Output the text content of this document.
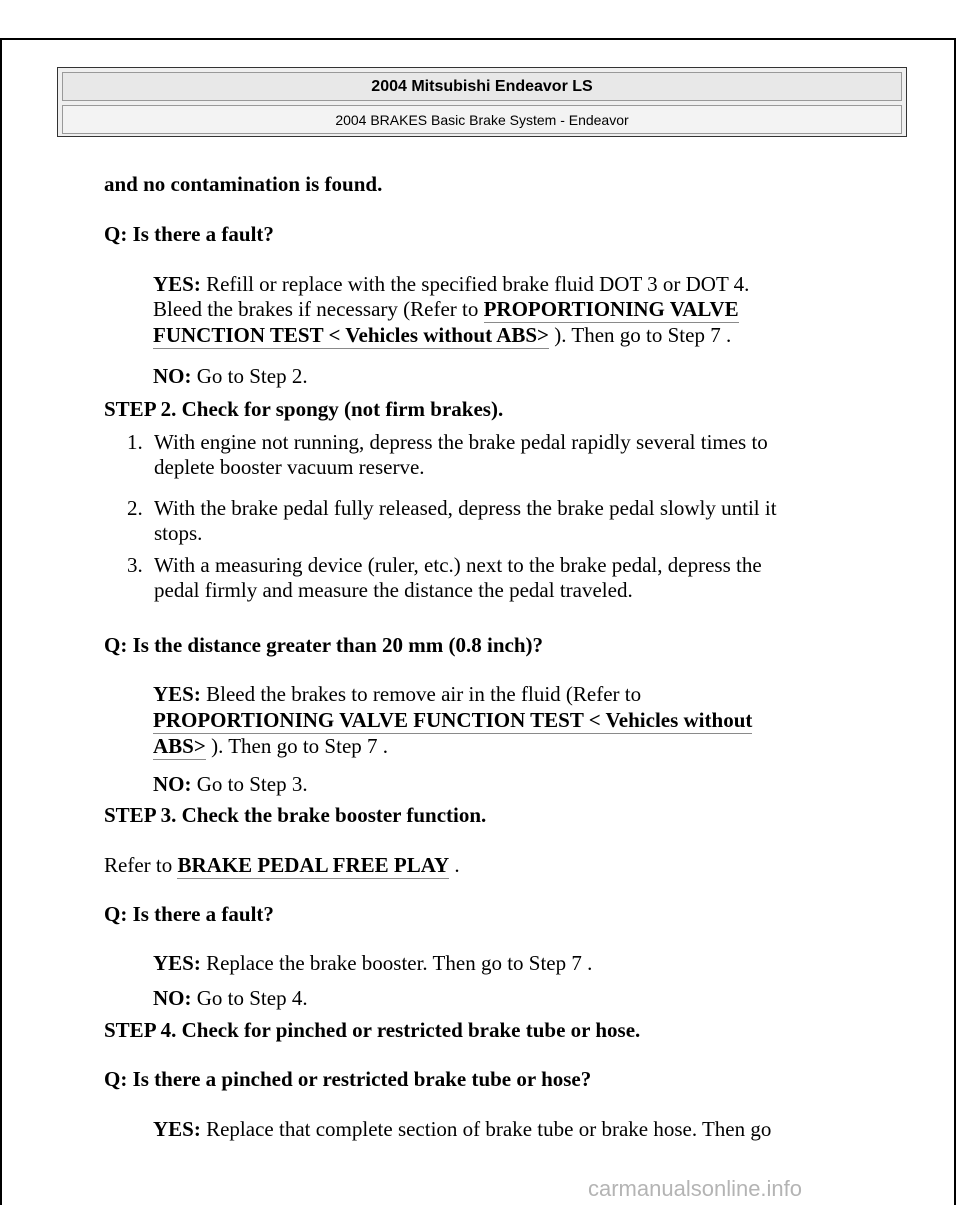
2004 Mitsubishi Endeavor LS
2004 BRAKES Basic Brake System - Endeavor
and no contamination is found.
Q: Is there a fault?
YES: Refill or replace with the specified brake fluid DOT 3 or DOT 4.
Bleed the brakes if necessary (Refer to PROPORTIONING VALVE
FUNCTION TEST < Vehicles without ABS> ). Then go to Step 7 .
NO: Go to Step 2.
STEP 2. Check for spongy (not firm brakes).
1. With engine not running, depress the brake pedal rapidly several times to
deplete booster vacuum reserve.
2. With the brake pedal fully released, depress the brake pedal slowly until it
stops.
3. With a measuring device (ruler, etc.) next to the brake pedal, depress the
pedal firmly and measure the distance the pedal traveled.
Q: Is the distance greater than 20 mm (0.8 inch)?
YES: Bleed the brakes to remove air in the fluid (Refer to
PROPORTIONING VALVE FUNCTION TEST < Vehicles without
ABS> ). Then go to Step 7 .
NO: Go to Step 3.
STEP 3. Check the brake booster function.
Refer to BRAKE PEDAL FREE PLAY .
Q: Is there a fault?
YES: Replace the brake booster. Then go to Step 7 .
NO: Go to Step 4.
STEP 4. Check for pinched or restricted brake tube or hose.
Q: Is there a pinched or restricted brake tube or hose?
YES: Replace that complete section of brake tube or brake hose. Then go
carmanualsonline.info
